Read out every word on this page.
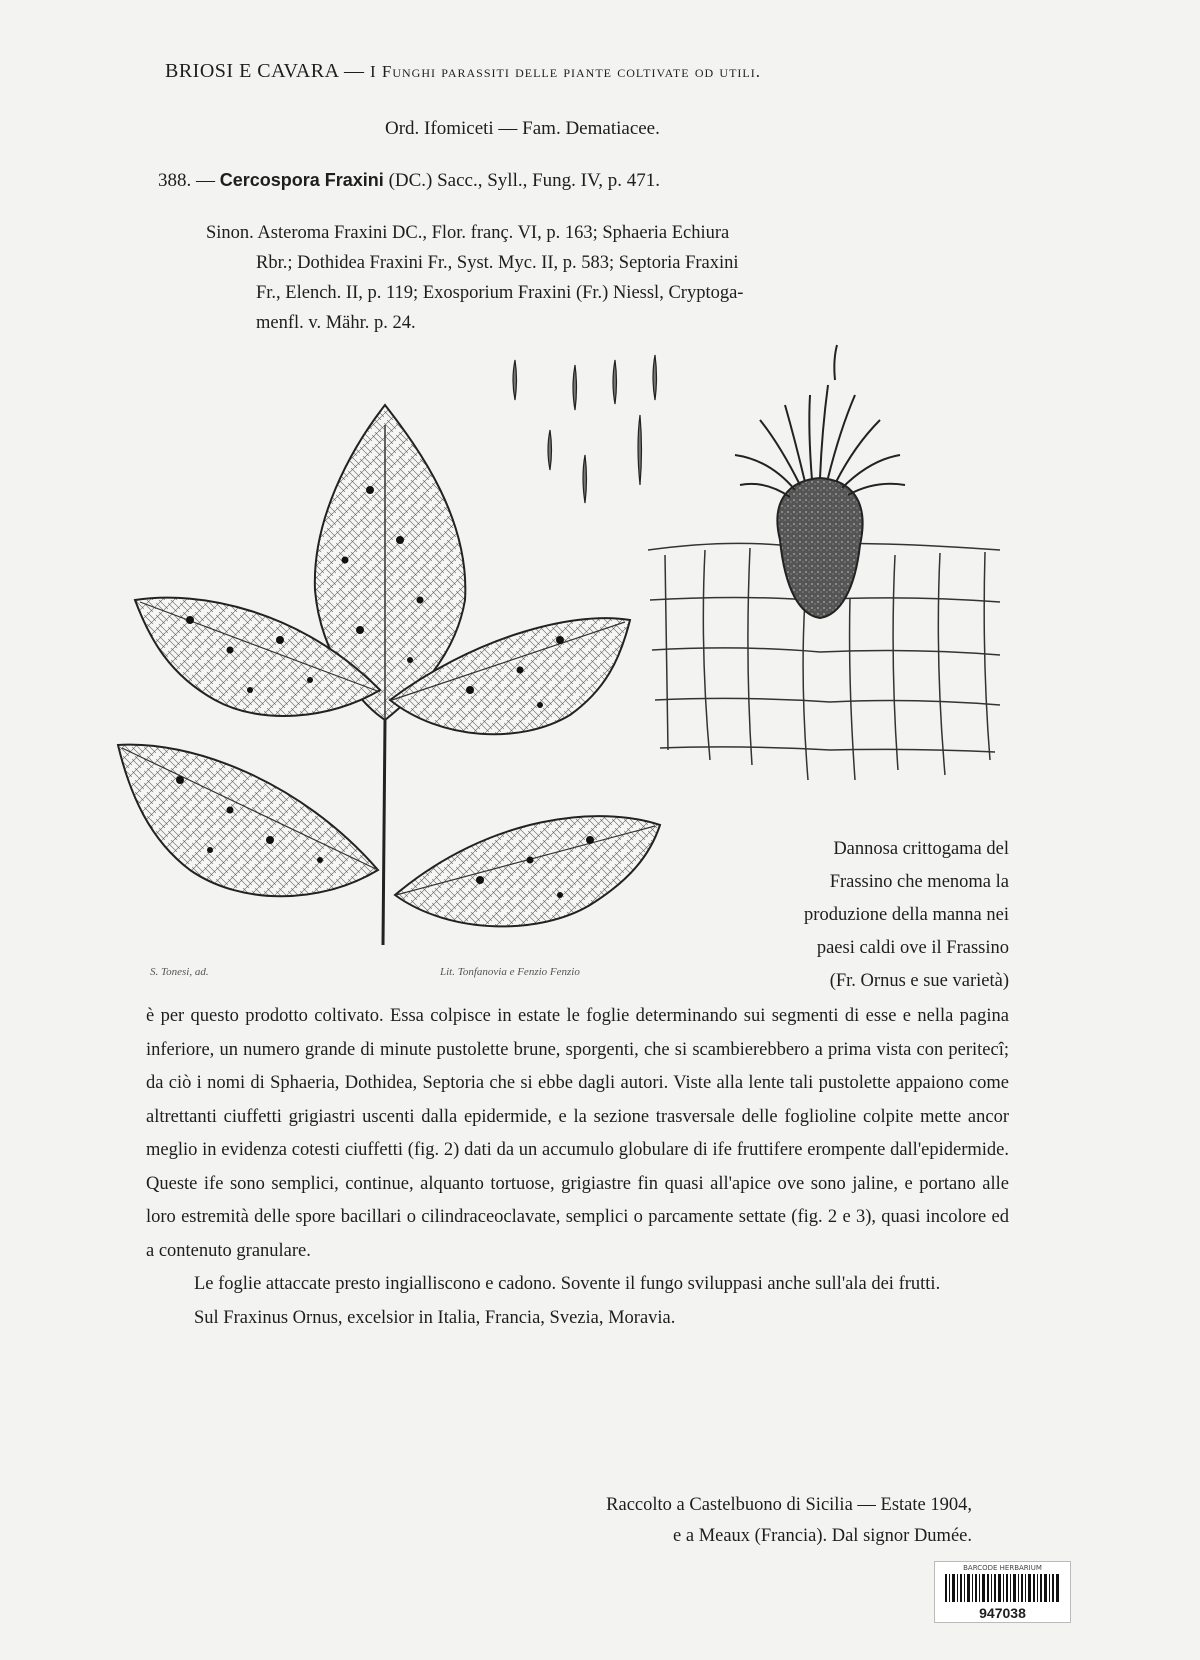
BRIOSI E CAVARA — I Funghi parassiti delle piante coltivate od utili.
Ord. Ifomiceti — Fam. Dematiacee.
388. — Cercospora Fraxini (DC.) Sacc., Syll., Fung. IV, p. 471.
Sinon. Asteroma Fraxini DC., Flor. franç. VI, p. 163; Sphaeria Echiura
Rbr.; Dothidea Fraxini Fr., Syst. Myc. II, p. 583; Septoria Fraxini
Fr., Elench. II, p. 119; Exosporium Fraxini (Fr.) Niessl, Cryptoga-
menfl. v. Mähr. p. 24.
S. Tonesi, ad.	Lit. Tonfanovia e Fenzio Fenzio
Dannosa crittogama del
Frassino che menoma la
produzione della manna nei
paesi caldi ove il Frassino
(Fr. Ornus e sue varietà)

è per questo prodotto coltivato. Essa colpisce in estate le foglie determinando sui segmenti di esse e nella pagina inferiore, un numero grande di minute pustolette brune, sporgenti, che si scambierebbero a prima vista con peritecî; da ciò i nomi di Sphaeria, Dothidea, Septoria che si ebbe dagli autori. Viste alla lente tali pustolette appaiono come altrettanti ciuffetti grigiastri uscenti dalla epidermide, e la sezione trasversale delle fogliolinе colpite mette ancor meglio in evidenza cotesti ciuffetti (fig. 2) dati da un accumulo globulare di ife fruttifere erompente dall'epidermide. Queste ife sono semplici, continue, alquanto tortuose, grigiastre fin quasi all'apice ove sono jaline, e portano alle loro estremità delle spore bacillari o cilindraceoclavate, semplici o parcamente settate (fig. 2 e 3), quasi incolore ed a contenuto granulare.

Le foglie attaccate presto ingialliscono e cadono. Sovente il fungo sviluppasi anche sull'ala dei frutti.

Sul Fraxinus Ornus, excelsior in Italia, Francia, Svezia, Moravia.

Raccolto a Castelbuono di Sicilia — Estate 1904,
e a Meaux (Francia). Dal signor Dumée.
BARCODE HERBARIUM
947038
